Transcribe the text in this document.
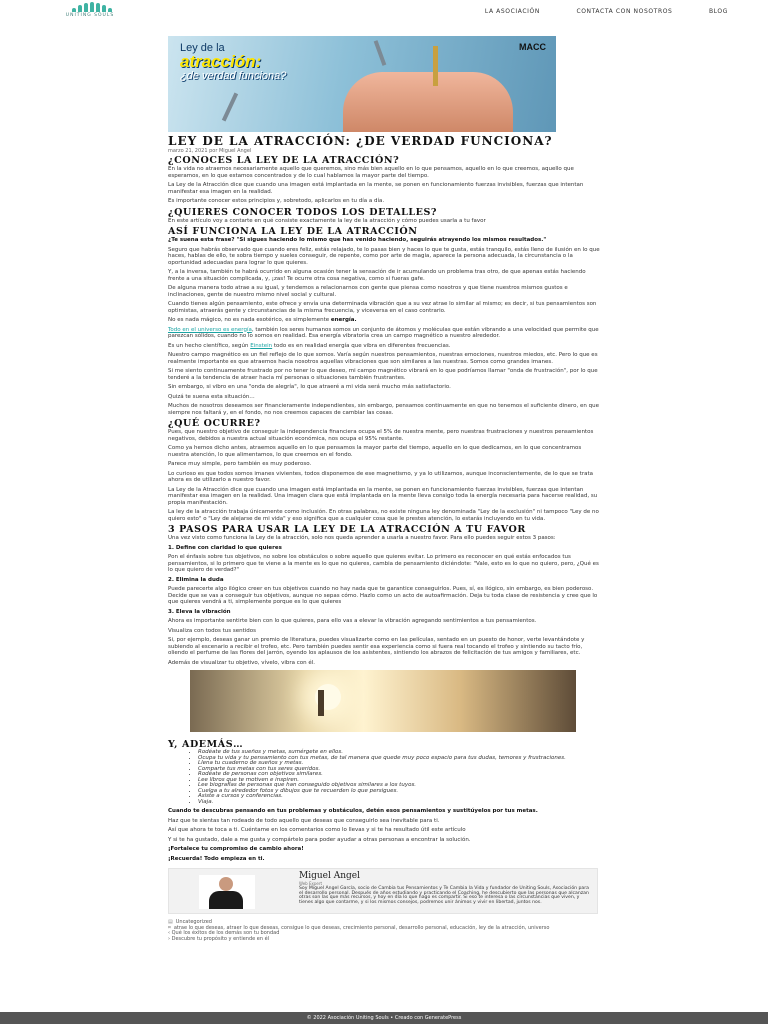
UNITING SOULS
LA ASOCIACIÓN	CONTACTA CON NOSOTROS	BLOG
Ley de la
atracción:
¿de verdad funciona?
MACC
LEY DE LA ATRACCIÓN: ¿DE VERDAD FUNCIONA?
marzo 21, 2021 por Miguel Angel
¿CONOCES LA LEY DE LA ATRACCIÓN?

En la vida no atraemos necesariamente aquello que queremos, sino más bien aquello en lo que pensamos, aquello en lo que creemos, aquello que esperamos, en lo que estamos concentrados y de lo cual hablamos la mayor parte del tiempo.

La Ley de la Atracción dice que cuando una imagen está implantada en la mente, se ponen en funcionamiento fuerzas invisibles, fuerzas que intentan manifestar esa imagen en la realidad.

Es importante conocer estos principios y, sobretodo, aplicarlos en tu día a día.

¿QUIERES CONOCER TODOS LOS DETALLES?

En este artículo voy a contarte en qué consiste exactamente la ley de la atracción y cómo puedes usarla a tu favor

ASÍ FUNCIONA LA LEY DE LA ATRACCIÓN

¿Te suena esta frase? "Si sigues haciendo lo mismo que has venido haciendo, seguirás atrayendo los mismos resultados."

Seguro que habrás observado que cuando eres feliz, estás relajado, te lo pasas bien y haces lo que te gusta, estás tranquilo, estás lleno de ilusión en lo que haces, hablas de ello, te sobra tiempo y sueles conseguir, de repente, como por arte de magia, aparece la persona adecuada, la circunstancia o la oportunidad adecuadas para lograr lo que quieres.

Y, a la inversa, también te habrá ocurrido en alguna ocasión tener la sensación de ir acumulando un problema tras otro, de que apenas estás haciendo frente a una situación complicada, y, ¡zas! Te ocurre otra cosa negativa, como si fueras gafe.

De alguna manera todo atrae a su igual, y tendemos a relacionarnos con gente que piensa como nosotros y que tiene nuestros mismos gustos e inclinaciones, gente de nuestro mismo nivel social y cultural.

Cuando tienes algún pensamiento, este ofrece y envía una determinada vibración que a su vez atrae lo similar al mismo; es decir, si tus pensamientos son optimistas, atraerás gente y circunstancias de la misma frecuencia, y viceversa en el caso contrario.

No es nada mágico, no es nada esotérico, es simplemente energía.

Todo en el universo es energía, también los seres humanos somos un conjunto de átomos y moléculas que están vibrando a una velocidad que permite que parezcan sólidos, cuando no lo somos en realidad. Esa energía vibratoria crea un campo magnético a nuestro alrededor.

Es un hecho científico, según Einstein todo es en realidad energía que vibra en diferentes frecuencias.

Nuestro campo magnético es un fiel reflejo de lo que somos. Varía según nuestros pensamientos, nuestras emociones, nuestros miedos, etc. Pero lo que es realmente importante es que atraemos hacia nosotros aquellas vibraciones que son similares a las nuestras. Somos como grandes imanes.

Si me siento continuamente frustrado por no tener lo que deseo, mi campo magnético vibrará en lo que podríamos llamar "onda de frustración", por lo que tenderé a la tendencia de atraer hacia mí personas o situaciones también frustrantes.

Sin embargo, si vibro en una "onda de alegría", lo que atraeré a mi vida será mucho más satisfactorio.

Quizá te suena esta situación…

Muchos de nosotros deseamos ser financieramente independientes, sin embargo, pensamos continuamente en que no tenemos el suficiente dinero, en que siempre nos faltará y, en el fondo, no nos creemos capaces de cambiar las cosas.

¿QUÉ OCURRE?

Pues, que nuestro objetivo de conseguir la independencia financiera ocupa el 5% de nuestra mente, pero nuestras frustraciones y nuestros pensamientos negativos, debidos a nuestra actual situación económica, nos ocupa el 95% restante.

Como ya hemos dicho antes, atraemos aquello en lo que pensamos la mayor parte del tiempo, aquello en lo que dedicamos, en lo que concentramos nuestra atención, lo que alimentamos, lo que creemos en el fondo.

Parece muy simple, pero también es muy poderoso.

Lo curioso es que todos somos imanes vivientes, todos disponemos de ese magnetismo, y ya lo utilizamos, aunque inconscientemente, de lo que se trata ahora es de utilizarlo a nuestro favor.

La Ley de la Atracción dice que cuando una imagen está implantada en la mente, se ponen en funcionamiento fuerzas invisibles, fuerzas que intentan manifestar esa imagen en la realidad. Una imagen clara que está implantada en la mente lleva consigo toda la energía necesaria para hacerse realidad, su propia manifestación.

La ley de la atracción trabaja únicamente como inclusión. En otras palabras, no existe ninguna ley denominada "Ley de la exclusión" ni tampoco "Ley de no quiero esto" o "Ley de alejarse de mi vida" y eso significa que a cualquier cosa que le prestes atención, lo estarás incluyendo en tu vida.

3 PASOS PARA USAR LA LEY DE LA ATRACCIÓN A TU FAVOR

Una vez visto como funciona la Ley de la atracción, solo nos queda aprender a usarla a nuestro favor. Para ello puedes seguir estos 3 pasos:

1. Define con claridad lo que quieres

Pon el énfasis sobre tus objetivos, no sobre los obstáculos o sobre aquello que quieres evitar. Lo primero es reconocer en qué estás enfocados tus pensamientos, si lo primero que te viene a la mente es lo que no quieres, cambia de pensamiento diciéndote: "Vale, esto es lo que no quiero, pero, ¿Qué es lo que quiero de verdad?"

2. Elimina la duda

Puede parecerte algo ilógico creer en tus objetivos cuando no hay nada que te garantice conseguirlos. Pues, sí, es ilógico, sin embargo, es bien poderoso. Decide que se vas a conseguir tus objetivos, aunque no sepas cómo. Hazlo como un acto de autoafirmación. Deja tu toda clase de resistencia y cree que lo que quieres vendrá a ti, simplemente porque es lo que quieres

3. Eleva la vibración

Ahora es importante sentirte bien con lo que quieres, para ello vas a elevar la vibración agregando sentimientos a tus pensamientos.

Visualiza con todos tus sentidos

Si, por ejemplo, deseas ganar un premio de literatura, puedes visualizarte como en las películas, sentado en un puesto de honor, verte levantándote y subiendo al escenario a recibir el trofeo, etc. Pero también puedes sentir esa experiencia como si fuera real tocando el trofeo y sintiendo su tacto frío, oliendo el perfume de las flores del jarrón, oyendo los aplausos de los asistentes, sintiendo los abrazos de felicitación de tus amigos y familiares, etc.

Además de visualizar tu objetivo, vívelo, vibra con él.

Y, ADEMÁS…
• Rodéate de tus sueños y metas, sumérgete en ellos.
• Ocupa tu vida y tu pensamiento con tus metas, de tal manera que quede muy poco espacio para tus dudas, temores y frustraciones.
• Llena tu cuaderno de sueños y metas.
• Comparte tus metas con tus seres queridos.
• Rodéate de personas con objetivos similares.
• Lee libros que te motiven e inspiren.
• Lee biografías de personas que han conseguido objetivos similares a los tuyos.
• Cuelga a tu alrededor fotos y dibujos que te recuerden lo que persigues.
• Asiste a cursos y conferencias.
• Viaja.

Cuando te descubras pensando en tus problemas y obstáculos, detén esos pensamientos y sustitúyelos por tus metas.

Haz que te sientas tan rodeado de todo aquello que deseas que conseguirlo sea inevitable para ti.

Así que ahora te toca a ti. Cuéntame en los comentarios como lo llevas y si te ha resultado útil este artículo

Y si te ha gustado, dale a me gusta y compártelo para poder ayudar a otras personas a encontrar la solución.

¡Fortalece tu compromiso de cambio ahora!

¡Recuerda! Todo empieza en ti.

Miguel Angel
Web Expert
Soy Miguel Angel García, socio de Cambia tus Pensamientos y Te Cambia la Vida y fundador de Uniting Souls, Asociación para el desarrollo personal. Después de años estudiando y practicando el Coaching, he descubierto que las personas que alcanzan otras son las que más recursos, y hoy en día lo que hago es compartir. Si eso te interesa o las circunstancias que viven, y tienes algo que contarme, y si los mismos consejos, podremos unir ánimos y vivir en libertad, juntos nos.
▤ Uncategorized
⌗ atrae lo que deseas, atraer lo que deseas, consigue lo que deseas, crecimiento personal, desarrollo personal, educación, ley de la atracción, universo
‹ Qué los éxitos de los demás son tu bondad
› Descubre tu propósito y entiende en él
© 2022 Asociación Uniting Souls • Creado con GeneratePress
